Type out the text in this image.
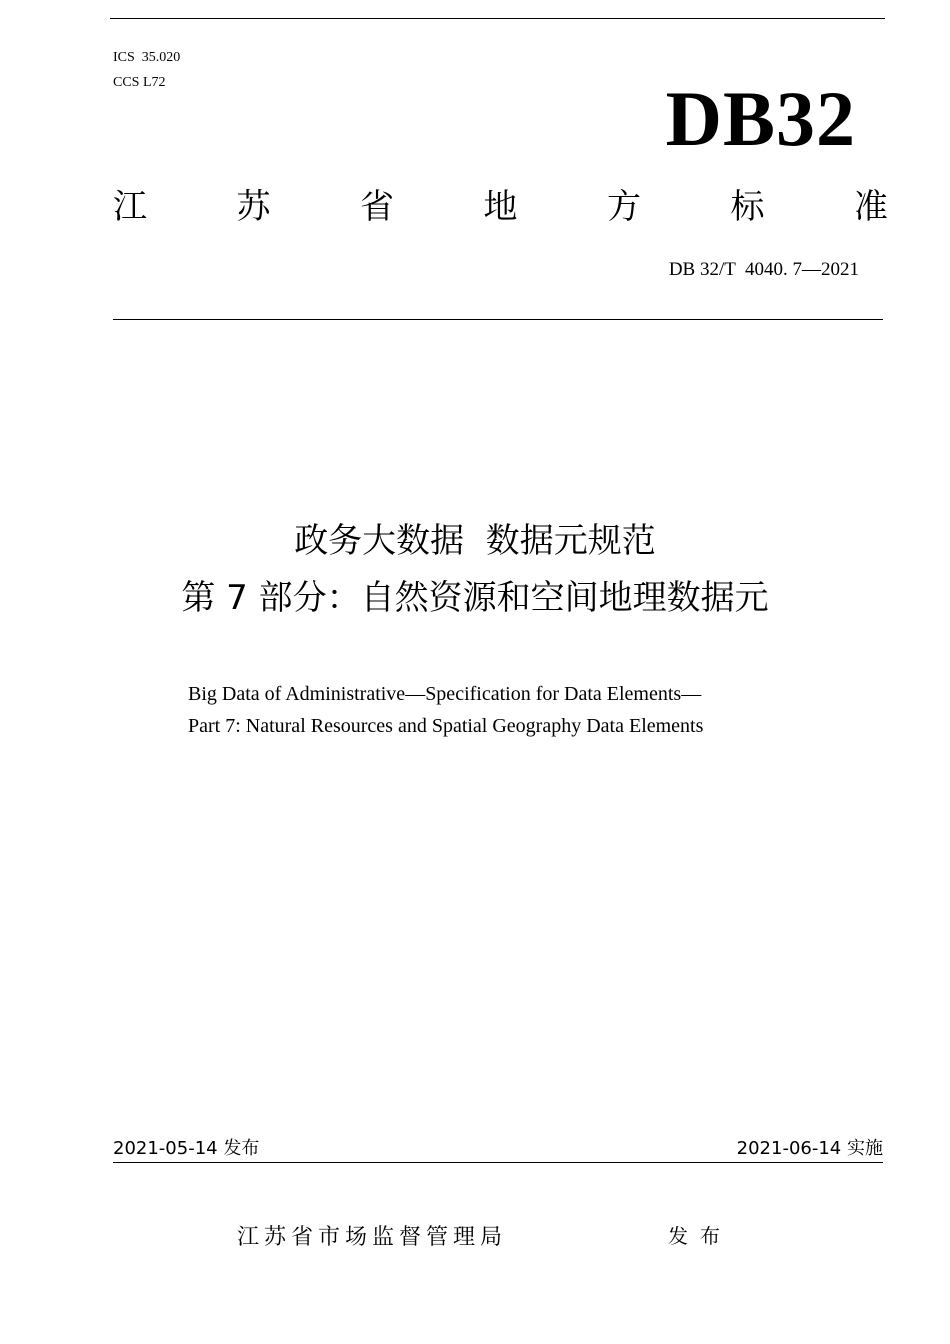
ICS  35.020
CCS L72	DB32
江	苏	省	地	方	标	准
DB 32/T  4040. 7—2021
政务大数据  数据元规范
第 7 部分：自然资源和空间地理数据元
Big Data of Administrative—Specification for Data Elements—
Part 7: Natural Resources and Spatial Geography Data Elements
2021-05-14 发布	2021-06-14 实施
江苏省市场监督管理局	发布
